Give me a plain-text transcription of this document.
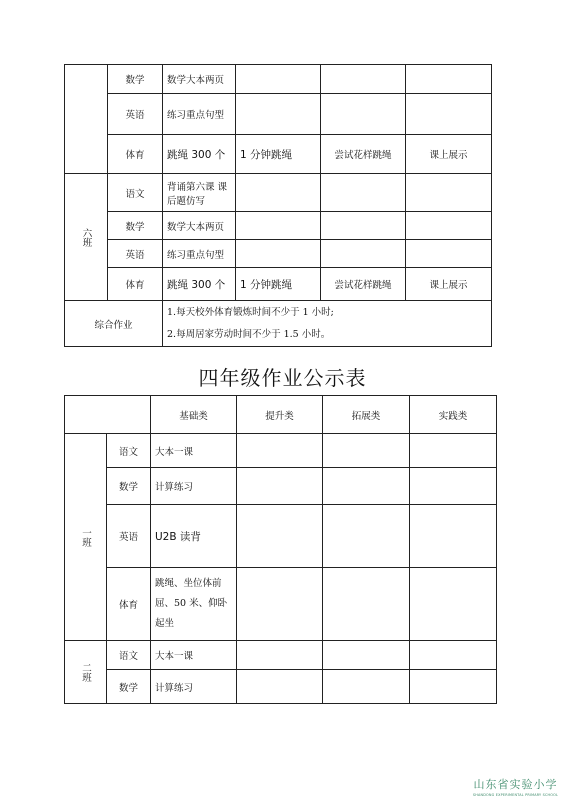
	数学	数学大本两页			
	英语	练习重点句型			
	体育	跳绳 300 个	1 分钟跳绳	尝试花样跳绳	课上展示
六班	语文	背诵第六课 课后题仿写			
	数学	数学大本两页			
	英语	练习重点句型			
	体育	跳绳 300 个	1 分钟跳绳	尝试花样跳绳	课上展示
综合作业		1.每天校外体育锻炼时间不少于 1 小时;
2.每周居家劳动时间不少于 1.5 小时。			
四年级作业公示表
		基础类	提升类	拓展类	实践类
一班	语文	大本一课			
	数学	计算练习			
	英语	U2B 读背			
	体育	跳绳、坐位体前屈、50 米、仰卧起坐			
二班	语文	大本一课			
	数学	计算练习			
山东省实验小学
SHANDONG EXPERIMENTAL PRIMARY SCHOOL
